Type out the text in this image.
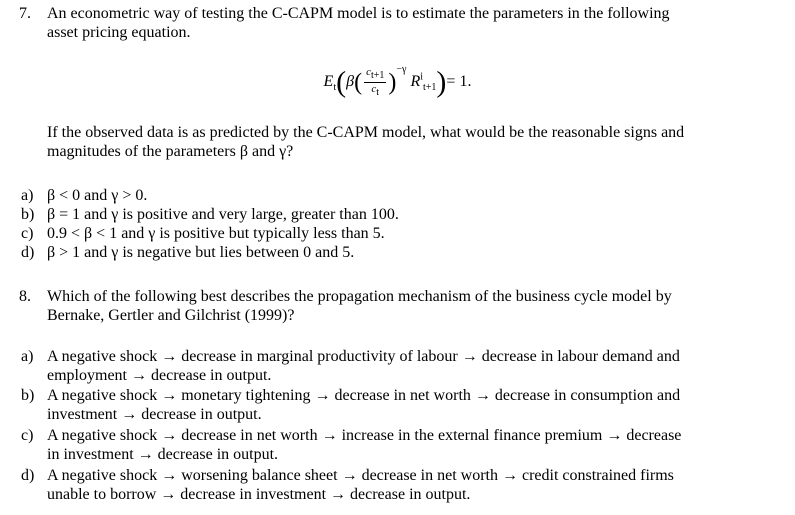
7. An econometric way of testing the C-CAPM model is to estimate the parameters in the following
asset pricing equation.
$E_t(\beta( \frac{c_{t+1}}{c_t} )^{-\gamma}$ $R^i_{t+1})= 1$.
If the observed data is as predicted by the C-CAPM model, what would be the reasonable signs and
magnitudes of the parameters β and γ?
a) β < 0 and γ > 0.
b) β = 1 and γ is positive and very large, greater than 100.
c) 0.9 < β < 1 and γ is positive but typically less than 5.
d) β > 1 and γ is negative but lies between 0 and 5.
8. Which of the following best describes the propagation mechanism of the business cycle model by
Bernake, Gertler and Gilchrist (1999)?
a) A negative shock → decrease in marginal productivity of labour → decrease in labour demand and
employment → decrease in output.
b) A negative shock → monetary tightening → decrease in net worth → decrease in consumption and
investment → decrease in output.
c) A negative shock → decrease in net worth → increase in the external finance premium → decrease
in investment → decrease in output.
d) A negative shock → worsening balance sheet → decrease in net worth → credit constrained firms
unable to borrow → decrease in investment → decrease in output.
